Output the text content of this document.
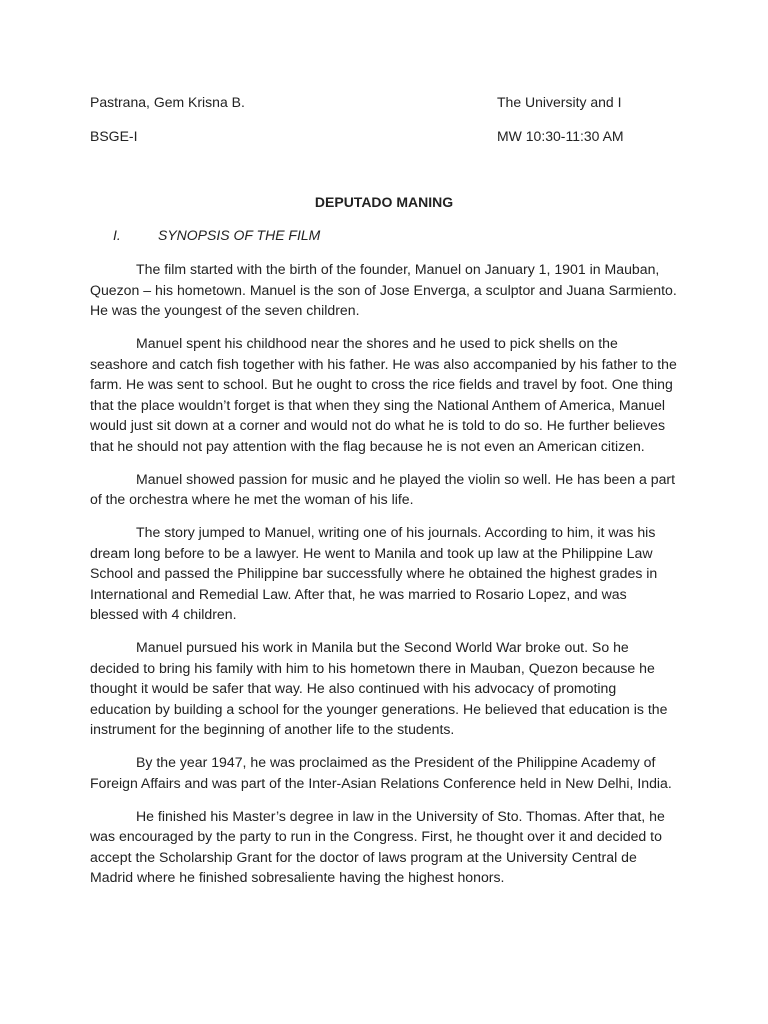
Pastrana, Gem Krisna B.	The University and I
BSGE-I	MW 10:30-11:30 AM
DEPUTADO MANING
I.	SYNOPSIS OF THE FILM

The film started with the birth of the founder, Manuel on January 1, 1901 in Mauban, Quezon – his hometown. Manuel is the son of Jose Enverga, a sculptor and Juana Sarmiento. He was the youngest of the seven children.

Manuel spent his childhood near the shores and he used to pick shells on the seashore and catch fish together with his father. He was also accompanied by his father to the farm. He was sent to school. But he ought to cross the rice fields and travel by foot. One thing that the place wouldn’t forget is that when they sing the National Anthem of America, Manuel would just sit down at a corner and would not do what he is told to do so. He further believes that he should not pay attention with the flag because he is not even an American citizen.

Manuel showed passion for music and he played the violin so well. He has been a part of the orchestra where he met the woman of his life.

The story jumped to Manuel, writing one of his journals. According to him, it was his dream long before to be a lawyer. He went to Manila and took up law at the Philippine Law School and passed the Philippine bar successfully where he obtained the highest grades in International and Remedial Law. After that, he was married to Rosario Lopez, and was blessed with 4 children.

Manuel pursued his work in Manila but the Second World War broke out. So he decided to bring his family with him to his hometown there in Mauban, Quezon because he thought it would be safer that way. He also continued with his advocacy of promoting education by building a school for the younger generations. He believed that education is the instrument for the beginning of another life to the students.

By the year 1947, he was proclaimed as the President of the Philippine Academy of Foreign Affairs and was part of the Inter-Asian Relations Conference held in New Delhi, India.

He finished his Master’s degree in law in the University of Sto. Thomas. After that, he was encouraged by the party to run in the Congress. First, he thought over it and decided to accept the Scholarship Grant for the doctor of laws program at the University Central de Madrid where he finished sobresaliente having the highest honors.
